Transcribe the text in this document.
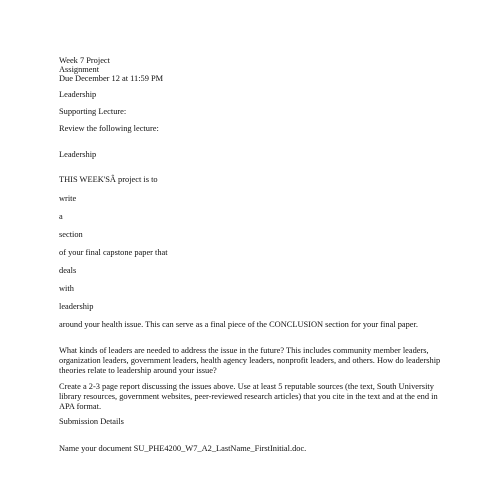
Week 7 Project

Assignment

Due December 12 at 11:59 PM

Leadership

Supporting Lecture:

Review the following lecture:

Leadership

THIS WEEK'SÂ project is to

write

a

section

of your final capstone paper that

deals

with

leadership

around your health issue. This can serve as a final piece of the CONCLUSION section for your final paper.

What kinds of leaders are needed to address the issue in the future? This includes community member leaders, organization leaders, government leaders, health agency leaders, nonprofit leaders, and others. How do leadership theories relate to leadership around your issue?

Create a 2-3 page report discussing the issues above. Use at least 5 reputable sources (the text, South University library resources, government websites, peer-reviewed research articles) that you cite in the text and at the end in APA format.

Submission Details

Name your document SU_PHE4200_W7_A2_LastName_FirstInitial.doc.
